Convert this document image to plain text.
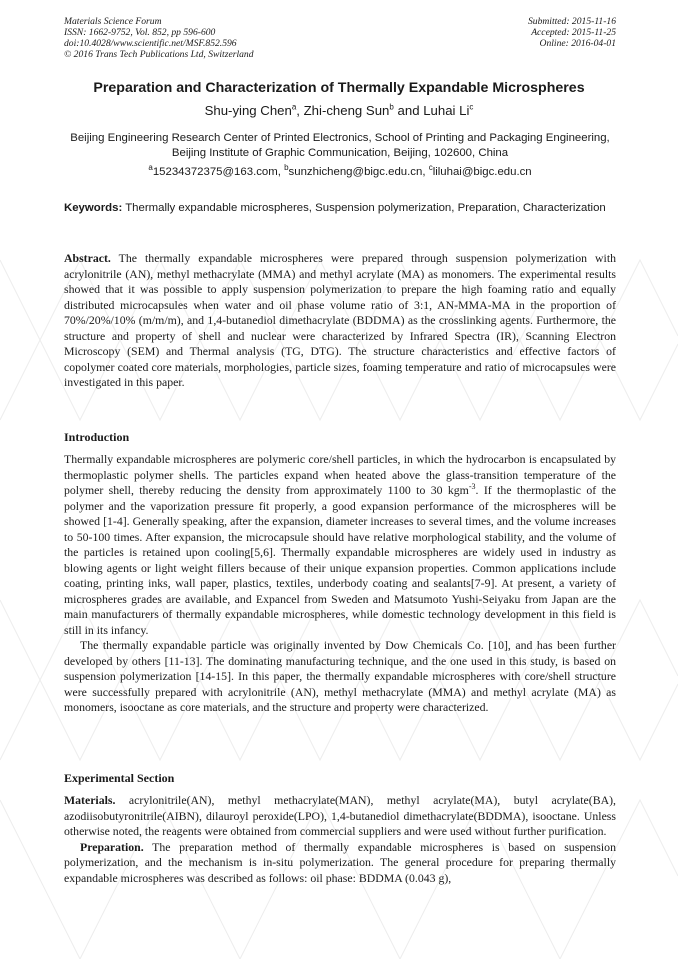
Materials Science Forum
ISSN: 1662-9752, Vol. 852, pp 596-600
doi:10.4028/www.scientific.net/MSF.852.596
© 2016 Trans Tech Publications Ltd, Switzerland
Submitted: 2015-11-16
Accepted: 2015-11-25
Online: 2016-04-01
Preparation and Characterization of Thermally Expandable Microspheres
Shu-ying Chen$^a$, Zhi-cheng Sun$^b$ and Luhai Li$^c$
Beijing Engineering Research Center of Printed Electronics, School of Printing and Packaging Engineering, Beijing Institute of Graphic Communication, Beijing, 102600, China
$^a$15234372375@163.com, $^b$sunzhicheng@bigc.edu.cn, $^c$liluhai@bigc.edu.cn
Keywords: Thermally expandable microspheres, Suspension polymerization, Preparation, Characterization

Abstract. The thermally expandable microspheres were prepared through suspension polymerization with acrylonitrile (AN), methyl methacrylate (MMA) and methyl acrylate (MA) as monomers. The experimental results showed that it was possible to apply suspension polymerization to prepare the high foaming ratio and equally distributed microcapsules when water and oil phase volume ratio of 3:1, AN-MMA-MA in the proportion of 70%/20%/10% (m/m/m), and 1,4-butanediol dimethacrylate (BDDMA) as the crosslinking agents. Furthermore, the structure and property of shell and nuclear were characterized by Infrared Spectra (IR), Scanning Electron Microscopy (SEM) and Thermal analysis (TG, DTG). The structure characteristics and effective factors of copolymer coated core materials, morphologies, particle sizes, foaming temperature and ratio of microcapsules were investigated in this paper.

Introduction

Thermally expandable microspheres are polymeric core/shell particles, in which the hydrocarbon is encapsulated by thermoplastic polymer shells. The particles expand when heated above the glass-transition temperature of the polymer shell, thereby reducing the density from approximately 1100 to 30 kgm$^{-3}$. If the thermoplastic of the polymer and the vaporization pressure fit properly, a good expansion performance of the microspheres will be showed [1-4]. Generally speaking, after the expansion, diameter increases to several times, and the volume increases to 50-100 times. After expansion, the microcapsule should have relative morphological stability, and the volume of the particles is retained upon cooling[5,6]. Thermally expandable microspheres are widely used in industry as blowing agents or light weight fillers because of their unique expansion properties. Common applications include coating, printing inks, wall paper, plastics, textiles, underbody coating and sealants[7-9]. At present, a variety of microspheres grades are available, and Expancel from Sweden and Matsumoto Yushi-Seiyaku from Japan are the main manufacturers of thermally expandable microspheres, while domestic technology development in this field is still in its infancy.

The thermally expandable particle was originally invented by Dow Chemicals Co. [10], and has been further developed by others [11-13]. The dominating manufacturing technique, and the one used in this study, is based on suspension polymerization [14-15]. In this paper, the thermally expandable microspheres with core/shell structure were successfully prepared with acrylonitrile (AN), methyl methacrylate (MMA) and methyl acrylate (MA) as monomers, isooctane as core materials, and the structure and property were characterized.

Experimental Section

Materials. acrylonitrile(AN), methyl methacrylate(MAN), methyl acrylate(MA), butyl acrylate(BA), azodiisobutyronitrile(AIBN), dilauroyl peroxide(LPO), 1,4-butanediol dimethacrylate(BDDMA), isooctane. Unless otherwise noted, the reagents were obtained from commercial suppliers and were used without further purification.

Preparation. The preparation method of thermally expandable microspheres is based on suspension polymerization, and the mechanism is in-situ polymerization. The general procedure for preparing thermally expandable microspheres was described as follows: oil phase: BDDMA (0.043 g),
